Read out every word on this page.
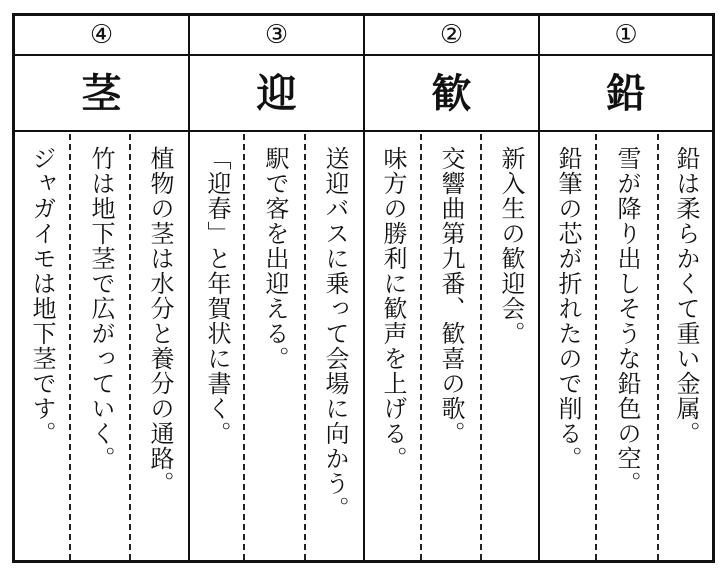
④
茎
植物の茎は水分と養分の通路。
竹は地下茎で広がっていく。
ジャガイモは地下茎です。
③
迎
送迎バスに乗って会場に向かう。
駅で客を出迎える。
「迎春」と年賀状に書く。
②
歓
新入生の歓迎会。
交響曲第九番、歓喜の歌。
味方の勝利に歓声を上げる。
①
鉛
鉛は柔らかくて重い金属。
雪が降り出しそうな鉛色の空。
鉛筆の芯が折れたので削る。
